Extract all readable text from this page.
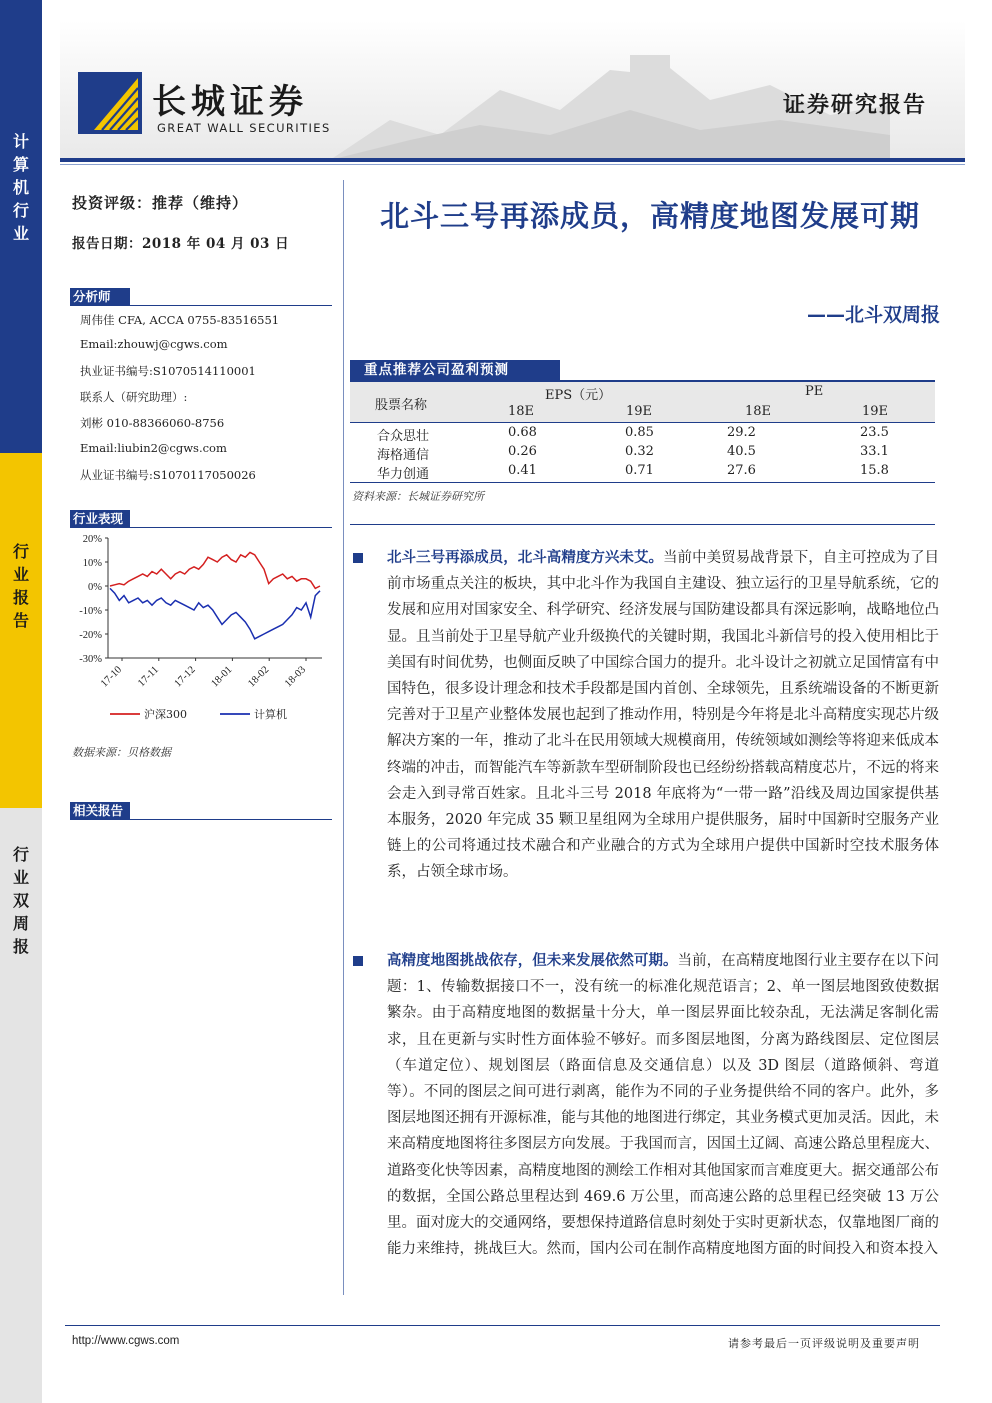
计
算
机
行
业
行
业
报
告
行
业
双
周
报
长城证券
GREAT WALL SECURITIES
证券研究报告
投资评级：推荐（维持）
报告日期：2018 年 04 月 03 日
分析师
周伟佳 CFA, ACCA 0755-83516551
Email:zhouwj@cgws.com
执业证书编号:S1070514110001
联系人（研究助理）:
刘彬 010-88366060-8756
Email:liubin2@cgws.com
从业证书编号:S1070117050026
行业表现
20%
10%
0%
-10%
-20%
-30%
17-10 17-11 17-12 18-01 18-02 18-03
沪深300	计算机
数据来源：贝格数据
相关报告
北斗三号再添成员，高精度地图发展可期
——北斗双周报
重点推荐公司盈利预测
股票名称
EPS（元）	PE
18E	19E	18E	19E
合众思壮	0.68	0.85	29.2	23.5
海格通信	0.26	0.32	40.5	33.1
华力创通	0.41	0.71	27.6	15.8
资料来源：长城证券研究所
北斗三号再添成员，北斗高精度方兴未艾。当前中美贸易战背景下，自主可控成为了目前市场重点关注的板块，其中北斗作为我国自主建设、独立运行的卫星导航系统，它的发展和应用对国家安全、科学研究、经济发展与国防建设都具有深远影响，战略地位凸显。且当前处于卫星导航产业升级换代的关键时期，我国北斗新信号的投入使用相比于美国有时间优势，也侧面反映了中国综合国力的提升。北斗设计之初就立足国情富有中国特色，很多设计理念和技术手段都是国内首创、全球领先，且系统端设备的不断更新完善对于卫星产业整体发展也起到了推动作用，特别是今年将是北斗高精度实现芯片级解决方案的一年，推动了北斗在民用领域大规模商用，传统领域如测绘等将迎来低成本终端的冲击，而智能汽车等新款车型研制阶段也已经纷纷搭载高精度芯片，不远的将来会走入到寻常百姓家。且北斗三号 2018 年底将为“一带一路”沿线及周边国家提供基本服务，2020 年完成 35 颗卫星组网为全球用户提供服务，届时中国新时空服务产业链上的公司将通过技术融合和产业融合的方式为全球用户提供中国新时空技术服务体系，占领全球市场。
高精度地图挑战依存，但未来发展依然可期。当前，在高精度地图行业主要存在以下问题：1、传输数据接口不一，没有统一的标准化规范语言；2、单一图层地图致使数据繁杂。由于高精度地图的数据量十分大，单一图层界面比较杂乱，无法满足客制化需求，且在更新与实时性方面体验不够好。而多图层地图，分离为路线图层、定位图层（车道定位）、规划图层（路面信息及交通信息）以及 3D 图层（道路倾斜、弯道等）。不同的图层之间可进行剥离，能作为不同的子业务提供给不同的客户。此外，多图层地图还拥有开源标准，能与其他的地图进行绑定，其业务模式更加灵活。因此，未来高精度地图将往多图层方向发展。于我国而言，因国土辽阔、高速公路总里程庞大、道路变化快等因素，高精度地图的测绘工作相对其他国家而言难度更大。据交通部公布的数据，全国公路总里程达到 469.6 万公里，而高速公路的总里程已经突破 13 万公里。面对庞大的交通网络，要想保持道路信息时刻处于实时更新状态，仅靠地图厂商的能力来维持，挑战巨大。然而，国内公司在制作高精度地图方面的时间投入和资本投入
http://www.cgws.com	请参考最后一页评级说明及重要声明
